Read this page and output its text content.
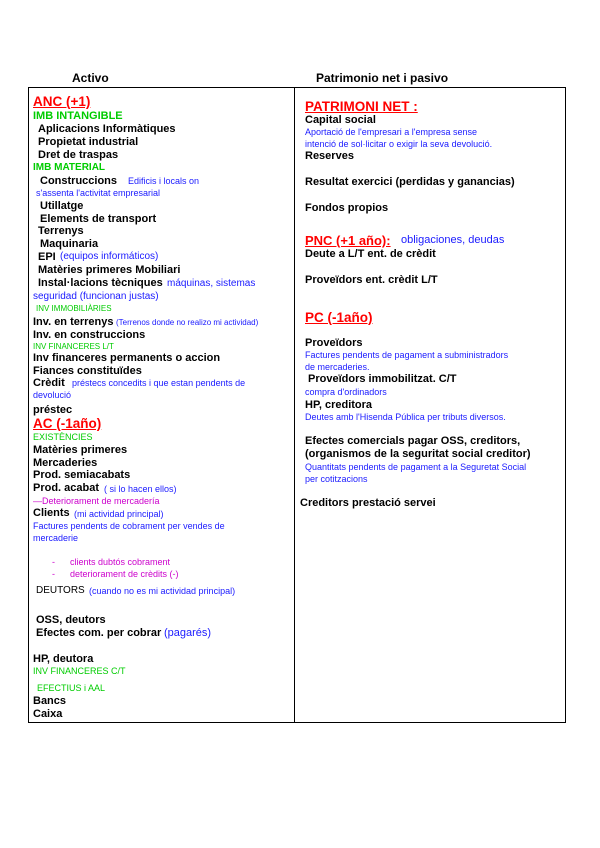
Activo	Patrimonio net i pasivo
ANC (+1)
IMB INTANGIBLE
Aplicacions Informàtiques
Propietat industrial
Dret de traspas
IMB MATERIAL
Construccions Edificis i locals on
s'assenta l'activitat empresarial
Utillatge
Elements de transport
Terrenys
Maquinaria
EPI (equipos informáticos)
Matèries primeres Mobiliari
Instal·lacions tècniques máquinas, sistemas
seguridad (funcionan justas)
INV IMMOBILIÀRIES
Inv. en terrenys (Terrenos donde no realizo mi actividad)
Inv. en construccions
INV FINANCERES L/T
Inv financeres permanents o accion
Fiances constituïdes
Crèdit préstecs concedits i que estan pendents de
devolució
préstec
AC (-1año)
EXISTÈNCIES
Matèries primeres
Mercaderies
Prod. semiacabats
Prod. acabat ( si lo hacen ellos)
—Deteriorament de mercadería
Clients (mi actividad principal)
Factures pendents de cobrament per vendes de
mercaderie
- clients dubtós cobrament
- deteriorament de crèdits (-)
DEUTORS (cuando no es mi actividad principal)
OSS, deutors
Efectes com. per cobrar (pagarés)
HP, deutora
INV FINANCERES C/T
EFECTIUS i AAL
Bancs
Caixa
PATRIMONI NET :
Capital social
Aportació de l'empresari a l'empresa sense
intenció de sol·licitar o exigir la seva devolució.
Reserves
Resultat exercici (perdidas y ganancias)
Fondos propios
PNC (+1 año): obligaciones, deudas
Deute a L/T ent. de crèdit
Proveïdors ent. crèdit L/T
PC (-1año)
Proveïdors
Factures pendents de pagament a subministradors
de mercaderies.
Proveïdors immobilitzat. C/T
compra d'ordinadors
HP, creditora
Deutes amb l'Hisenda Pública per tributs diversos.
Efectes comercials pagar OSS, creditors,
(organismos de la seguritat social creditor)
Quantitats pendents de pagament a la Seguretat Social
per cotitzacions
Creditors prestació servei
